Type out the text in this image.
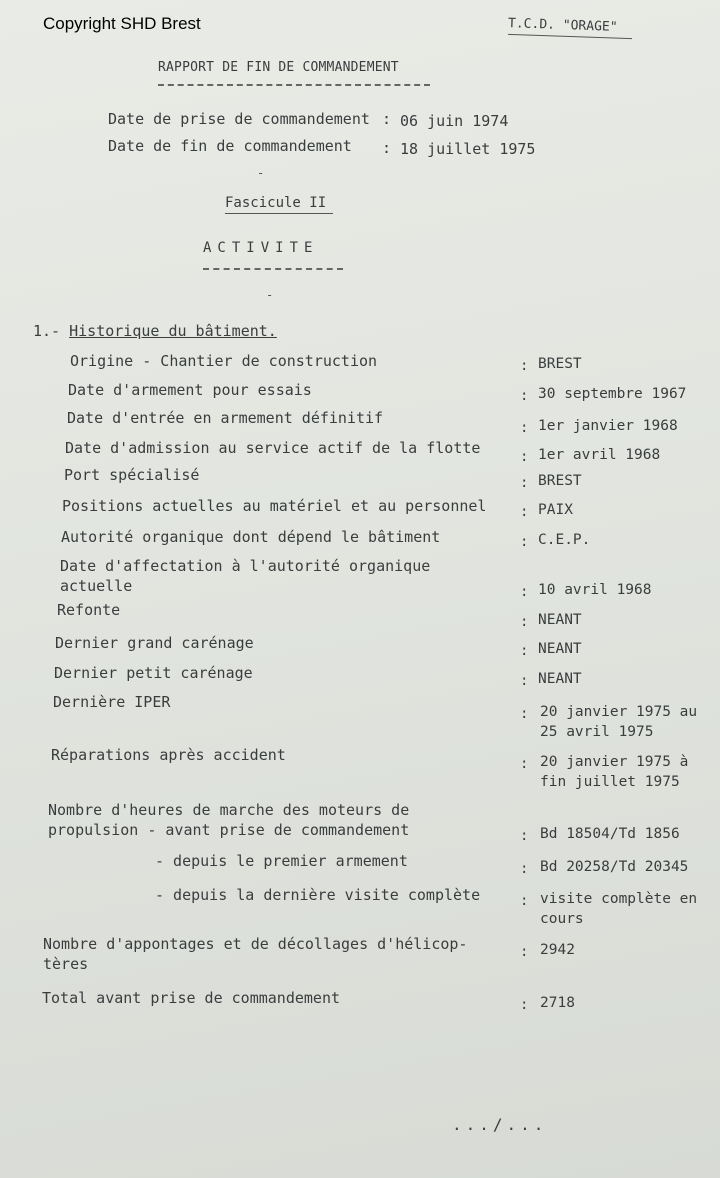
Copyright SHD Brest	T.C.D. "ORAGE"
RAPPORT DE FIN DE COMMANDEMENT
Date de prise de commandement : 06 juin 1974
Date de fin de commandement : 18 juillet 1975
-
Fascicule II
ACTIVITE
-
1.- Historique du bâtiment.
Origine - Chantier de construction	: BREST
Date d'armement pour essais	: 30 septembre 1967
Date d'entrée en armement définitif
: 1er janvier 1968
Date d'admission au service actif de la flotte	: 1er avril 1968
Port spécialisé	: BREST
Positions actuelles au matériel et au personnel : PAIX
Autorité organique dont dépend le bâtiment	: C.E.P.
Date d'affectation à l'autorité organique
actuelle	: 10 avril 1968
Refonte
: NEANT
Dernier grand carénage	: NEANT
Dernier petit carénage	: NEANT
Dernière IPER
: 20 janvier 1975 au
25 avril 1975
Réparations après accident	: 20 janvier 1975 à
fin juillet 1975
Nombre d'heures de marche des moteurs de
propulsion - avant prise de commandement	: Bd 18504/Td 1856
- depuis le premier armement	: Bd 20258/Td 20345
- depuis la dernière visite complète	: visite complète en
cours
Nombre d'appontages et de décollages d'hélicop-
tères
: 2942
Total avant prise de commandement	: 2718
.../...
